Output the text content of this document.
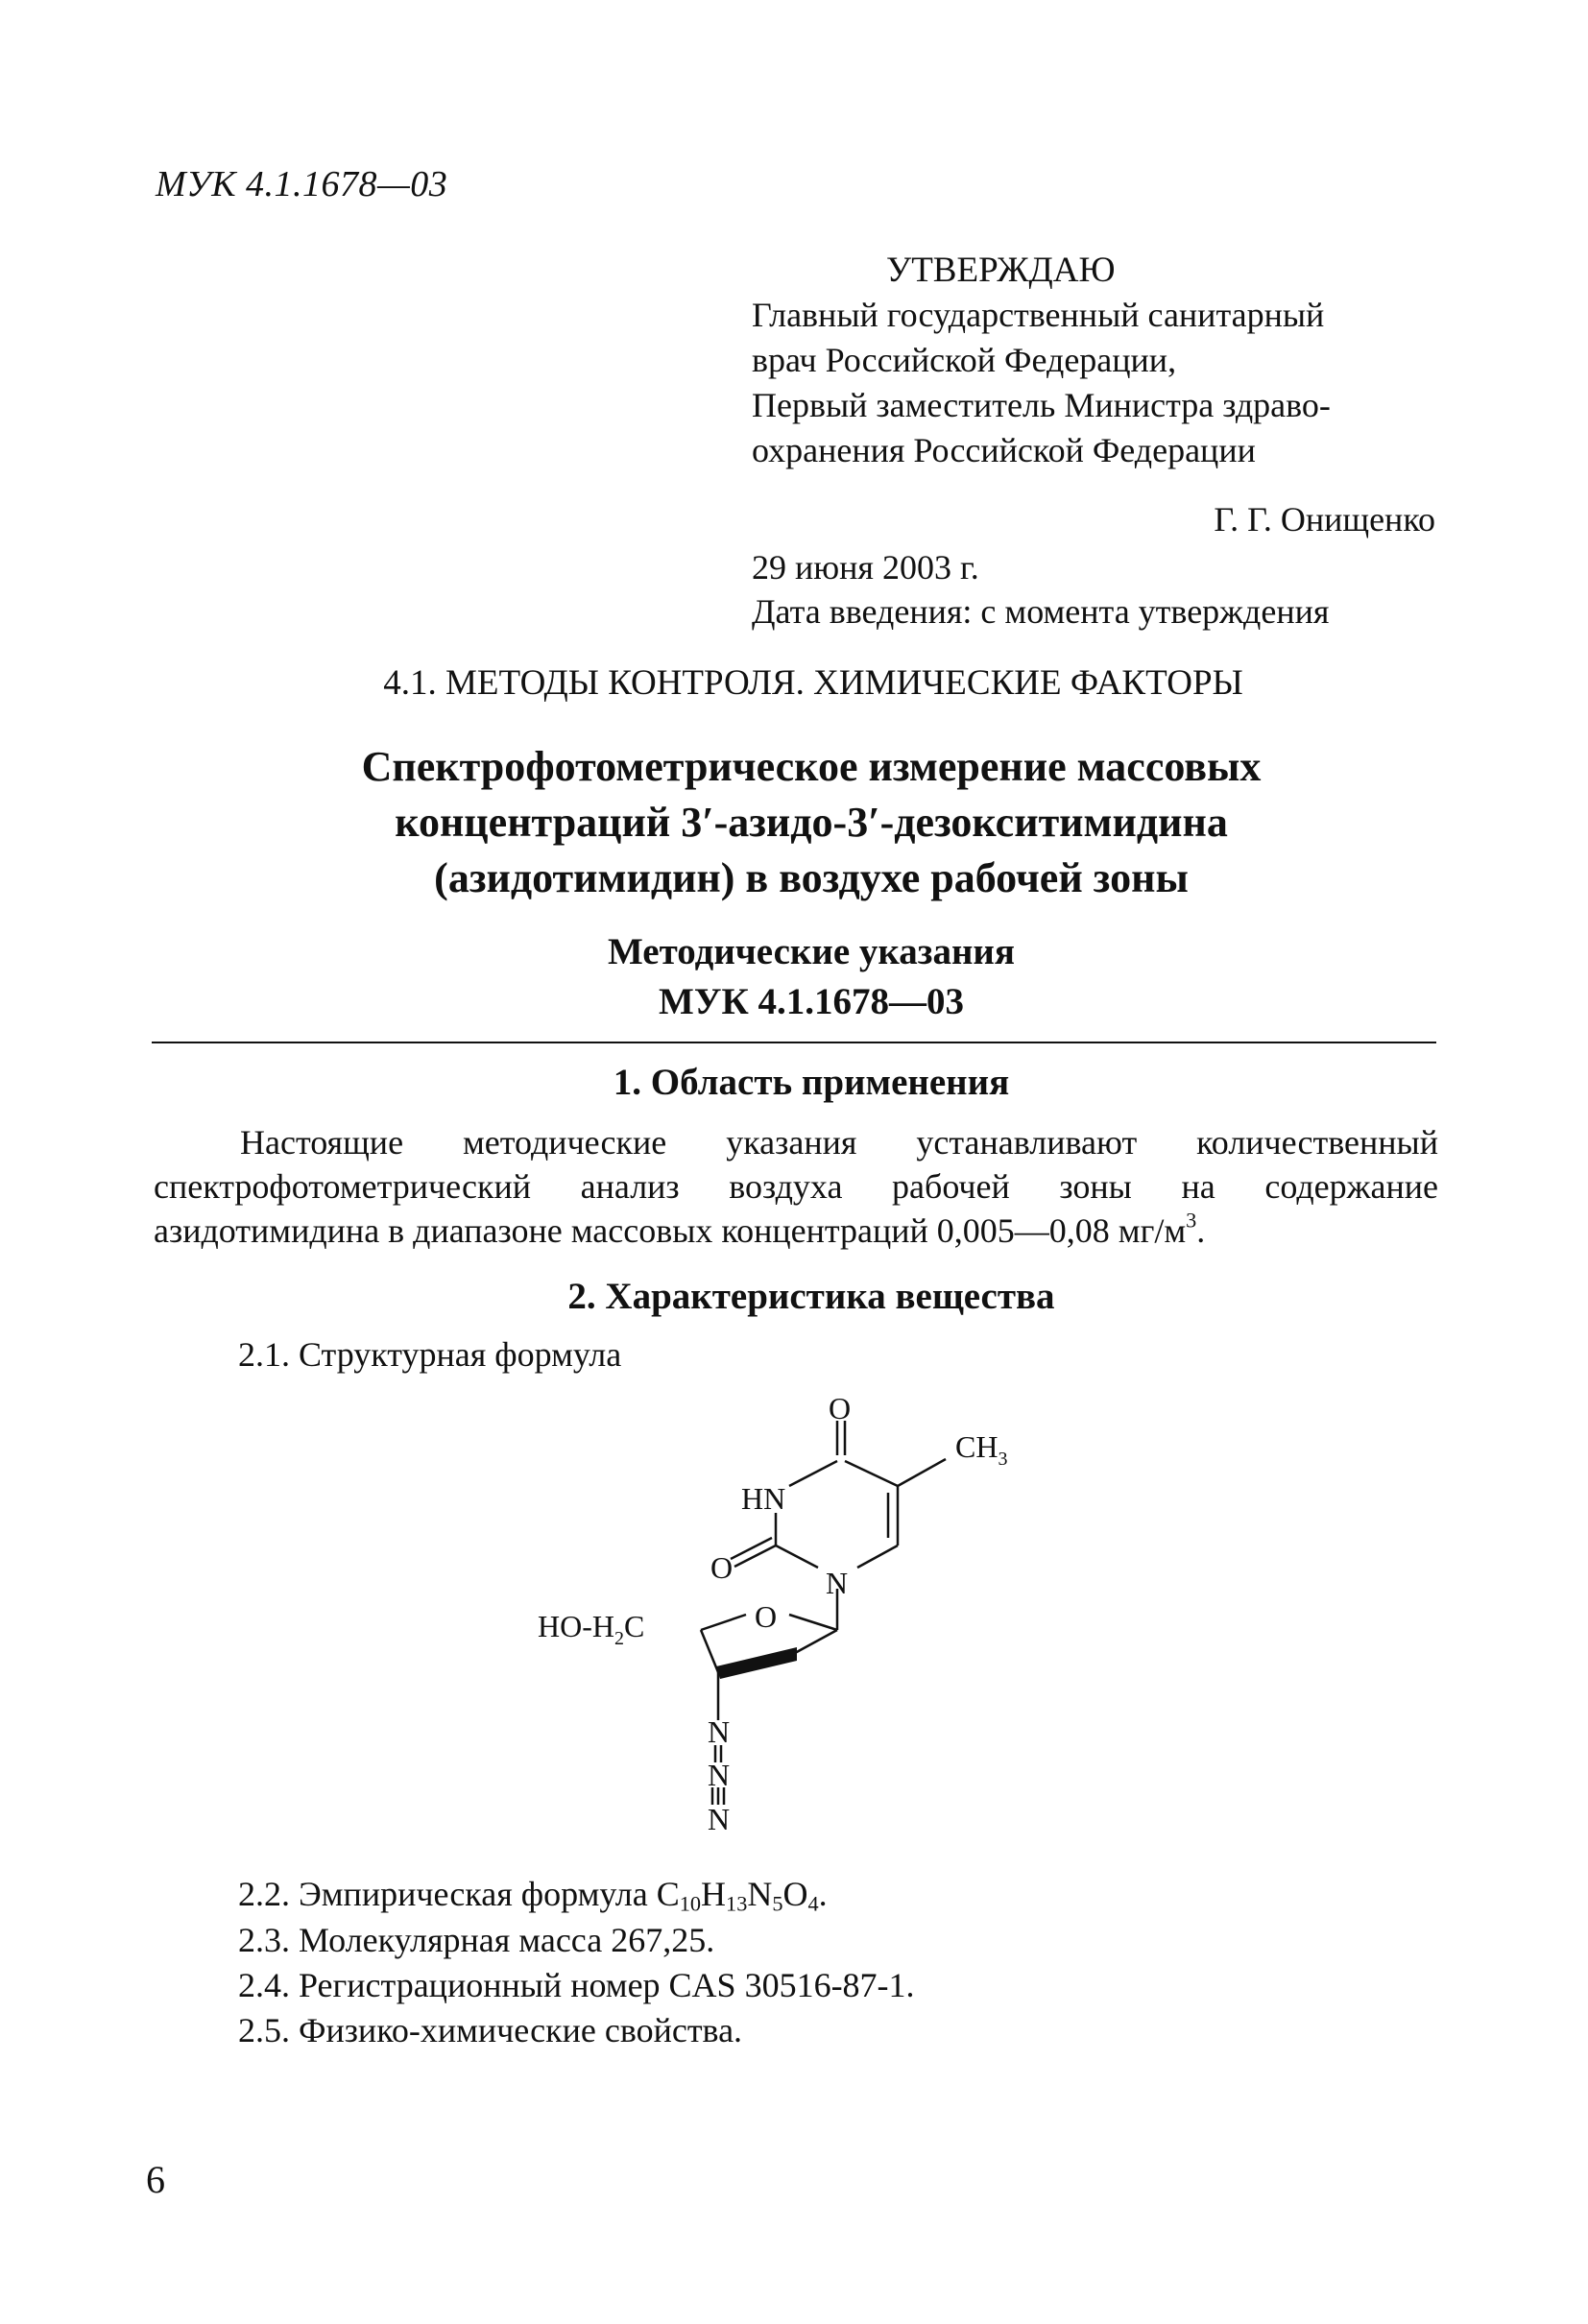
МУК 4.1.1678—03
УТВЕРЖДАЮ
Главный государственный санитарный
врач Российской Федерации,
Первый заместитель Министра здраво-
охранения Российской Федерации
Г. Г. Онищенко
29 июня 2003 г.
Дата введения: с момента утверждения
4.1. МЕТОДЫ КОНТРОЛЯ. ХИМИЧЕСКИЕ ФАКТОРЫ
Спектрофотометрическое измерение массовых
концентраций 3′-азидо-3′-дезокситимидина
(азидотимидин) в воздухе рабочей зоны
Методические указания
МУК 4.1.1678—03
1. Область применения
Настоящие методические указания устанавливают количественный
спектрофотометрический анализ воздуха рабочей зоны на содержание
азидотимидина в диапазоне массовых концентраций 0,005—0,08 $мг/м^3$.
2. Характеристика вещества
2.1. Структурная формула
O
$CH_3$
HN
O	N
$HO-H_2C$	O
N
N
N
2.2. Эмпирическая формула $C_{10}H_{13}N_5O_4$.
2.3. Молекулярная масса 267,25.
2.4. Регистрационный номер CAS 30516-87-1.
2.5. Физико-химические свойства.
6
